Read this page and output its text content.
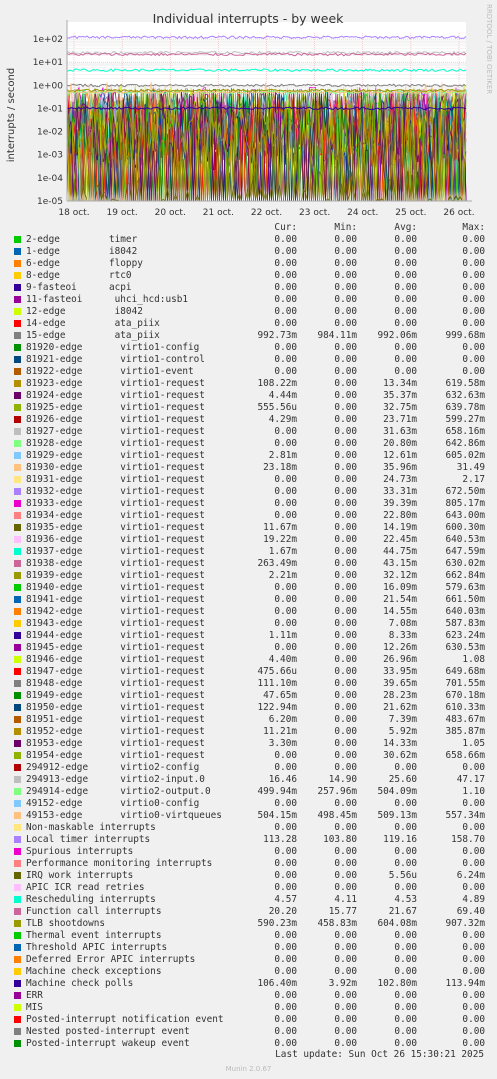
1e-05
1e-04
1e-03
1e-02
1e-01
1e+00
1e+01
1e+02
18 oct. 19 oct. 20 oct. 21 oct. 22 oct. 23 oct. 24 oct. 25 oct. 26 oct.
Individual interrupts - by week
interrupts / second
RRDTOOL / TOBI OETIKER
Cur:	Min:	Avg:	Max:
2-edge	timer	0.00	0.00	0.00	0.00
1-edge	i8042	0.00	0.00	0.00	0.00
6-edge	floppy	0.00	0.00	0.00	0.00
8-edge	rtc0	0.00	0.00	0.00	0.00
9-fasteoi	acpi	0.00	0.00	0.00	0.00
11-fasteoi	uhci_hcd:usb1	0.00	0.00	0.00	0.00
12-edge	i8042	0.00	0.00	0.00	0.00
14-edge	ata_piix	0.00	0.00	0.00	0.00
15-edge	ata_piix	992.73m	984.11m	992.06m	999.68m
81920-edge	virtio1-config	0.00	0.00	0.00	0.00
81921-edge	virtio1-control	0.00	0.00	0.00	0.00
81922-edge	virtio1-event	0.00	0.00	0.00	0.00
81923-edge	virtio1-request	108.22m	0.00	13.34m	619.58m
81924-edge	virtio1-request	4.44m	0.00	35.37m	632.63m
81925-edge	virtio1-request	555.56u	0.00	32.75m	639.78m
81926-edge	virtio1-request	4.29m	0.00	23.71m	599.27m
81927-edge	virtio1-request	0.00	0.00	31.63m	658.16m
81928-edge	virtio1-request	0.00	0.00	20.80m	642.86m
81929-edge	virtio1-request	2.81m	0.00	12.61m	605.02m
81930-edge	virtio1-request	23.18m	0.00	35.96m	31.49
81931-edge	virtio1-request	0.00	0.00	24.73m	2.17
81932-edge	virtio1-request	0.00	0.00	33.31m	672.50m
81933-edge	virtio1-request	0.00	0.00	39.39m	805.17m
81934-edge	virtio1-request	0.00	0.00	22.80m	643.00m
81935-edge	virtio1-request	11.67m	0.00	14.19m	600.30m
81936-edge	virtio1-request	19.22m	0.00	22.45m	640.53m
81937-edge	virtio1-request	1.67m	0.00	44.75m	647.59m
81938-edge	virtio1-request	263.49m	0.00	43.15m	630.02m
81939-edge	virtio1-request	2.21m	0.00	32.12m	662.84m
81940-edge	virtio1-request	0.00	0.00	16.09m	579.63m
81941-edge	virtio1-request	0.00	0.00	21.54m	661.50m
81942-edge	virtio1-request	0.00	0.00	14.55m	640.03m
81943-edge	virtio1-request	0.00	0.00	7.08m	587.83m
81944-edge	virtio1-request	1.11m	0.00	8.33m	623.24m
81945-edge	virtio1-request	0.00	0.00	12.26m	630.53m
81946-edge	virtio1-request	4.40m	0.00	26.96m	1.08
81947-edge	virtio1-request	475.66u	0.00	33.95m	649.68m
81948-edge	virtio1-request	111.10m	0.00	39.65m	701.55m
81949-edge	virtio1-request	47.65m	0.00	28.23m	670.18m
81950-edge	virtio1-request	122.94m	0.00	21.62m	610.33m
81951-edge	virtio1-request	6.20m	0.00	7.39m	483.67m
81952-edge	virtio1-request	11.21m	0.00	5.92m	385.87m
81953-edge	virtio1-request	3.30m	0.00	14.33m	1.05
81954-edge	virtio1-request	0.00	0.00	30.62m	658.66m
294912-edge virtio2-config	0.00	0.00	0.00	0.00
294913-edge virtio2-input.0	16.46	14.90	25.60	47.17
294914-edge virtio2-output.0	499.94m	257.96m	504.09m	1.10
49152-edge	virtio0-config	0.00	0.00	0.00	0.00
49153-edge	virtio0-virtqueues	504.15m	498.45m	509.13m	557.34m
Non-maskable interrupts	0.00	0.00	0.00	0.00
Local timer interrupts	113.28	103.80	119.16	158.70
Spurious interrupts	0.00	0.00	0.00	0.00
Performance monitoring interrupts	0.00	0.00	0.00	0.00
IRQ work interrupts	0.00	0.00	5.56u	6.24m
APIC ICR read retries	0.00	0.00	0.00	0.00
Rescheduling interrupts	4.57	4.11	4.53	4.89
Function call interrupts	20.20	15.77	21.67	69.40
TLB shootdowns	590.23m	458.83m	604.08m	907.32m
Thermal event interrupts	0.00	0.00	0.00	0.00
Threshold APIC interrupts	0.00	0.00	0.00	0.00
Deferred Error APIC interrupts	0.00	0.00	0.00	0.00
Machine check exceptions	0.00	0.00	0.00	0.00
Machine check polls	106.40m	3.92m	102.80m	113.94m
ERR	0.00	0.00	0.00	0.00
MIS	0.00	0.00	0.00	0.00
Posted-interrupt notification event	0.00	0.00	0.00	0.00
Nested posted-interrupt event	0.00	0.00	0.00	0.00
Posted-interrupt wakeup event	0.00	0.00	0.00	0.00
Last update: Sun Oct 26 15:30:21 2025
Munin 2.0.67
